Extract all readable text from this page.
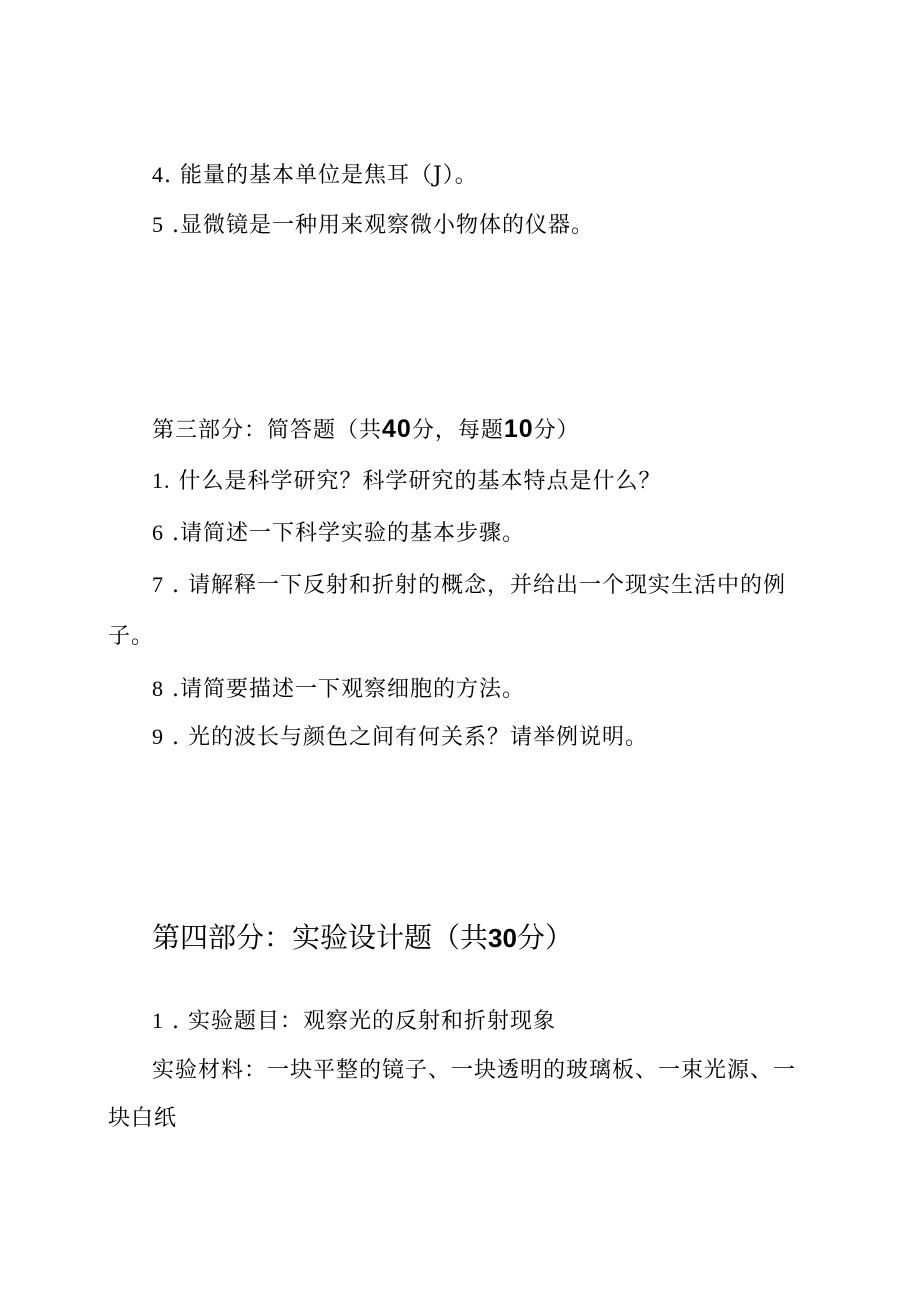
4. 能量的基本单位是焦耳（J）。

5 .显微镜是一种用来观察微小物体的仪器。

第三部分：简答题（共40分，每题10分）

1. 什么是科学研究？科学研究的基本特点是什么？

6 .请简述一下科学实验的基本步骤。

7 . 请解释一下反射和折射的概念，并给出一个现实生活中的例

子。

8 .请简要描述一下观察细胞的方法。

9 . 光的波长与颜色之间有何关系？请举例说明。

第四部分：实验设计题（共30分）

1 . 实验题目：观察光的反射和折射现象

实验材料：一块平整的镜子、一块透明的玻璃板、一束光源、一

块白纸
